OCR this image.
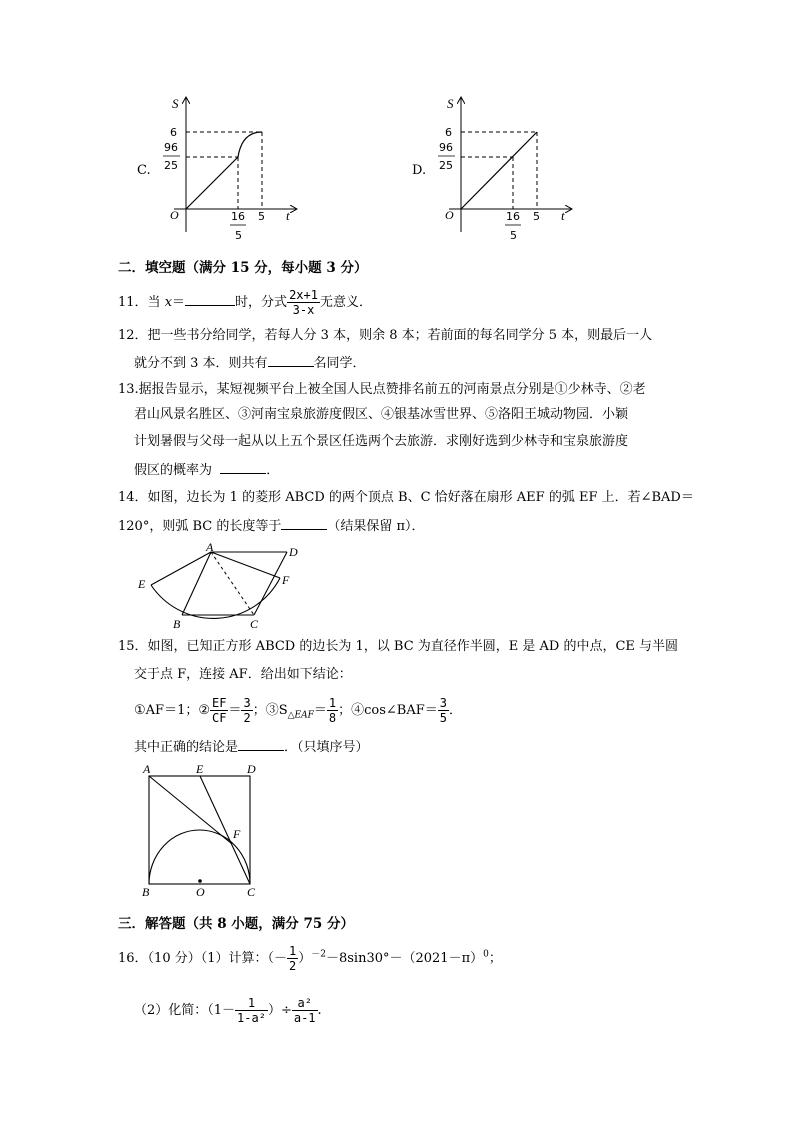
C.
S
t
O
6
96
25
16
5
5
D.
S
t
O
6
96
25
16
5
5
二．填空题（满分 15 分，每小题 3 分）
11．当 x＝	时，分式 $\frac{2x+1}{3-x}$ 无意义．
12．把一些书分给同学，若每人分 3 本，则余 8 本；若前面的每名同学分 5 本，则最后一人
就分不到 3 本．则共有	名同学．
13.据报告显示，某短视频平台上被全国人民点赞排名前五的河南景点分别是①少林寺、②老
君山风景名胜区、③河南宝泉旅游度假区、④银基冰雪世界、⑤洛阳王城动物园．小颖
计划暑假与父母一起从以上五个景区任选两个去旅游．求刚好选到少林寺和宝泉旅游度
假区的概率为	．
14．如图，边长为 1 的菱形 ABCD 的两个顶点 B、C 恰好落在扇形 AEF 的弧 EF 上．若∠BAD＝
120°，则弧 BC 的长度等于	（结果保留 π）．
A	D
E	F
B	C
15．如图，已知正方形 ABCD 的边长为 1，以 BC 为直径作半圆，E 是 AD 的中点，CE 与半圆
交于点 F，连接 AF．给出如下结论：
①AF＝1；② $\frac{EF}{CF} = \frac{3}{2}$ ；$③S_{\triangle EAF}= \frac{1}{8}$ ；④cos∠BAF＝ $\frac{3}{5}$ ．
其中正确的结论是	．（只填序号）
A	E	D
F
B	O	C
三．解答题（共 8 小题，满分 75 分）
16．（10 分）（1）计算：（－ $\frac{1}{2} )^{-2}-8\sin 30^\circ-(2021-\pi)^0$；
（2）化简：（$1- \frac{1}{\text{1-a²}}$ ）÷ $\frac{\text{a²}}{a-1}$ .
